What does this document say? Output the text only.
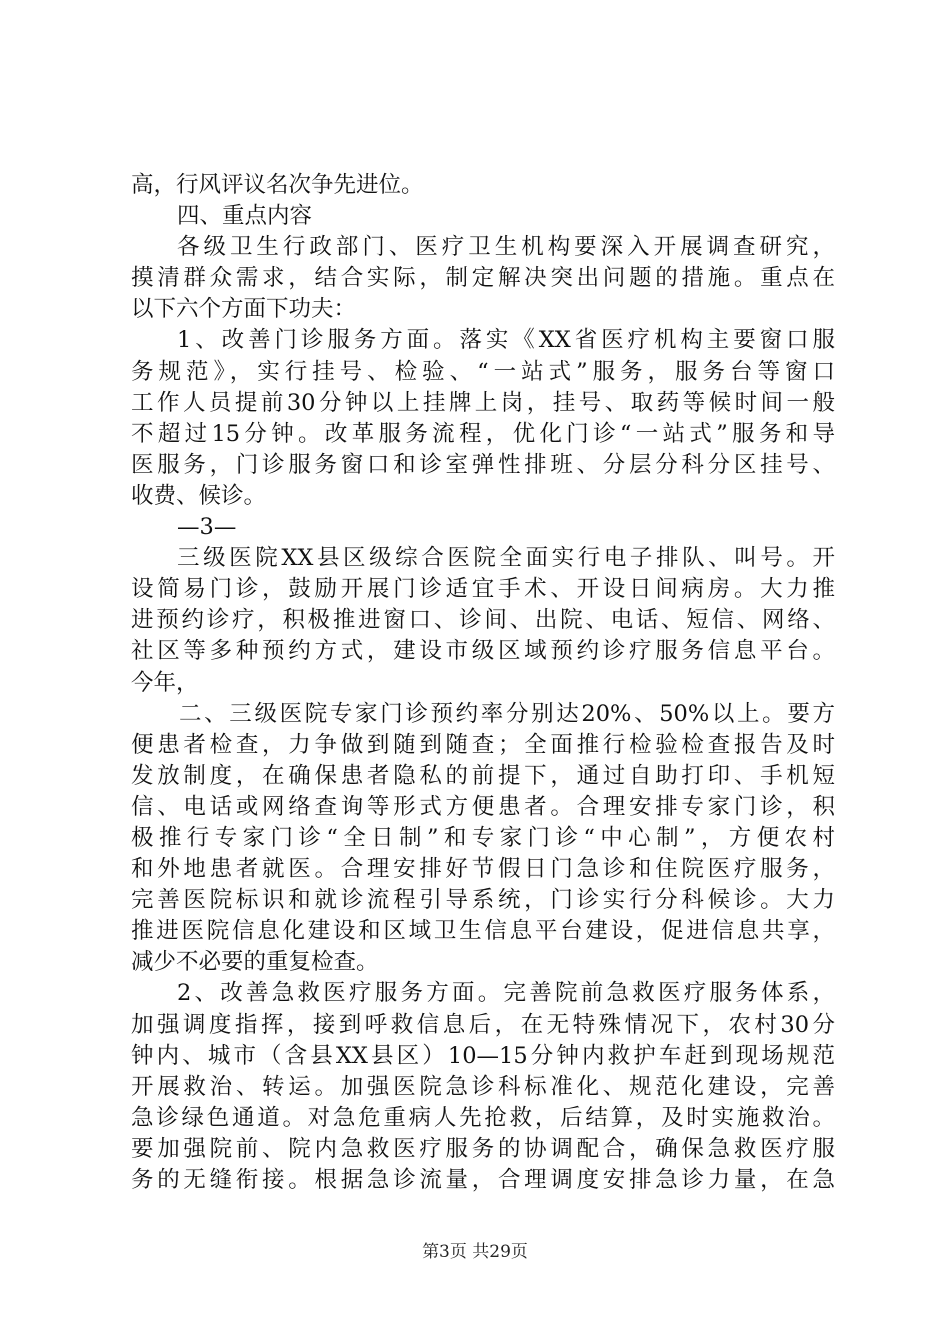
高，行风评议名次争先进位。
四、重点内容
各级卫生行政部门、医疗卫生机构要深入开展调查研究，
摸清群众需求，结合实际，制定解决突出问题的措施。重点在
以下六个方面下功夫：
1、改善门诊服务方面。落实《XX省医疗机构主要窗口服
务规范》，实行挂号、检验、“一站式”服务，服务台等窗口
工作人员提前30分钟以上挂牌上岗，挂号、取药等候时间一般
不超过15分钟。改革服务流程，优化门诊“一站式”服务和导
医服务，门诊服务窗口和诊室弹性排班、分层分科分区挂号、
收费、候诊。
—3—
三级医院XX县区级综合医院全面实行电子排队、叫号。开
设简易门诊，鼓励开展门诊适宜手术、开设日间病房。大力推
进预约诊疗，积极推进窗口、诊间、出院、电话、短信、网络、
社区等多种预约方式，建设市级区域预约诊疗服务信息平台。
今年，
二、三级医院专家门诊预约率分别达20%、50%以上。要方
便患者检查，力争做到随到随查；全面推行检验检查报告及时
发放制度，在确保患者隐私的前提下，通过自助打印、手机短
信、电话或网络查询等形式方便患者。合理安排专家门诊，积
极推行专家门诊“全日制”和专家门诊“中心制”，方便农村
和外地患者就医。合理安排好节假日门急诊和住院医疗服务，
完善医院标识和就诊流程引导系统，门诊实行分科候诊。大力
推进医院信息化建设和区域卫生信息平台建设，促进信息共享，
减少不必要的重复检查。
2、改善急救医疗服务方面。完善院前急救医疗服务体系，
加强调度指挥，接到呼救信息后，在无特殊情况下，农村30分
钟内、城市（含县XX县区）10—15分钟内救护车赶到现场规范
开展救治、转运。加强医院急诊科标准化、规范化建设，完善
急诊绿色通道。对急危重病人先抢救，后结算，及时实施救治。
要加强院前、院内急救医疗服务的协调配合，确保急救医疗服
务的无缝衔接。根据急诊流量，合理调度安排急诊力量，在急
第3页 共29页
